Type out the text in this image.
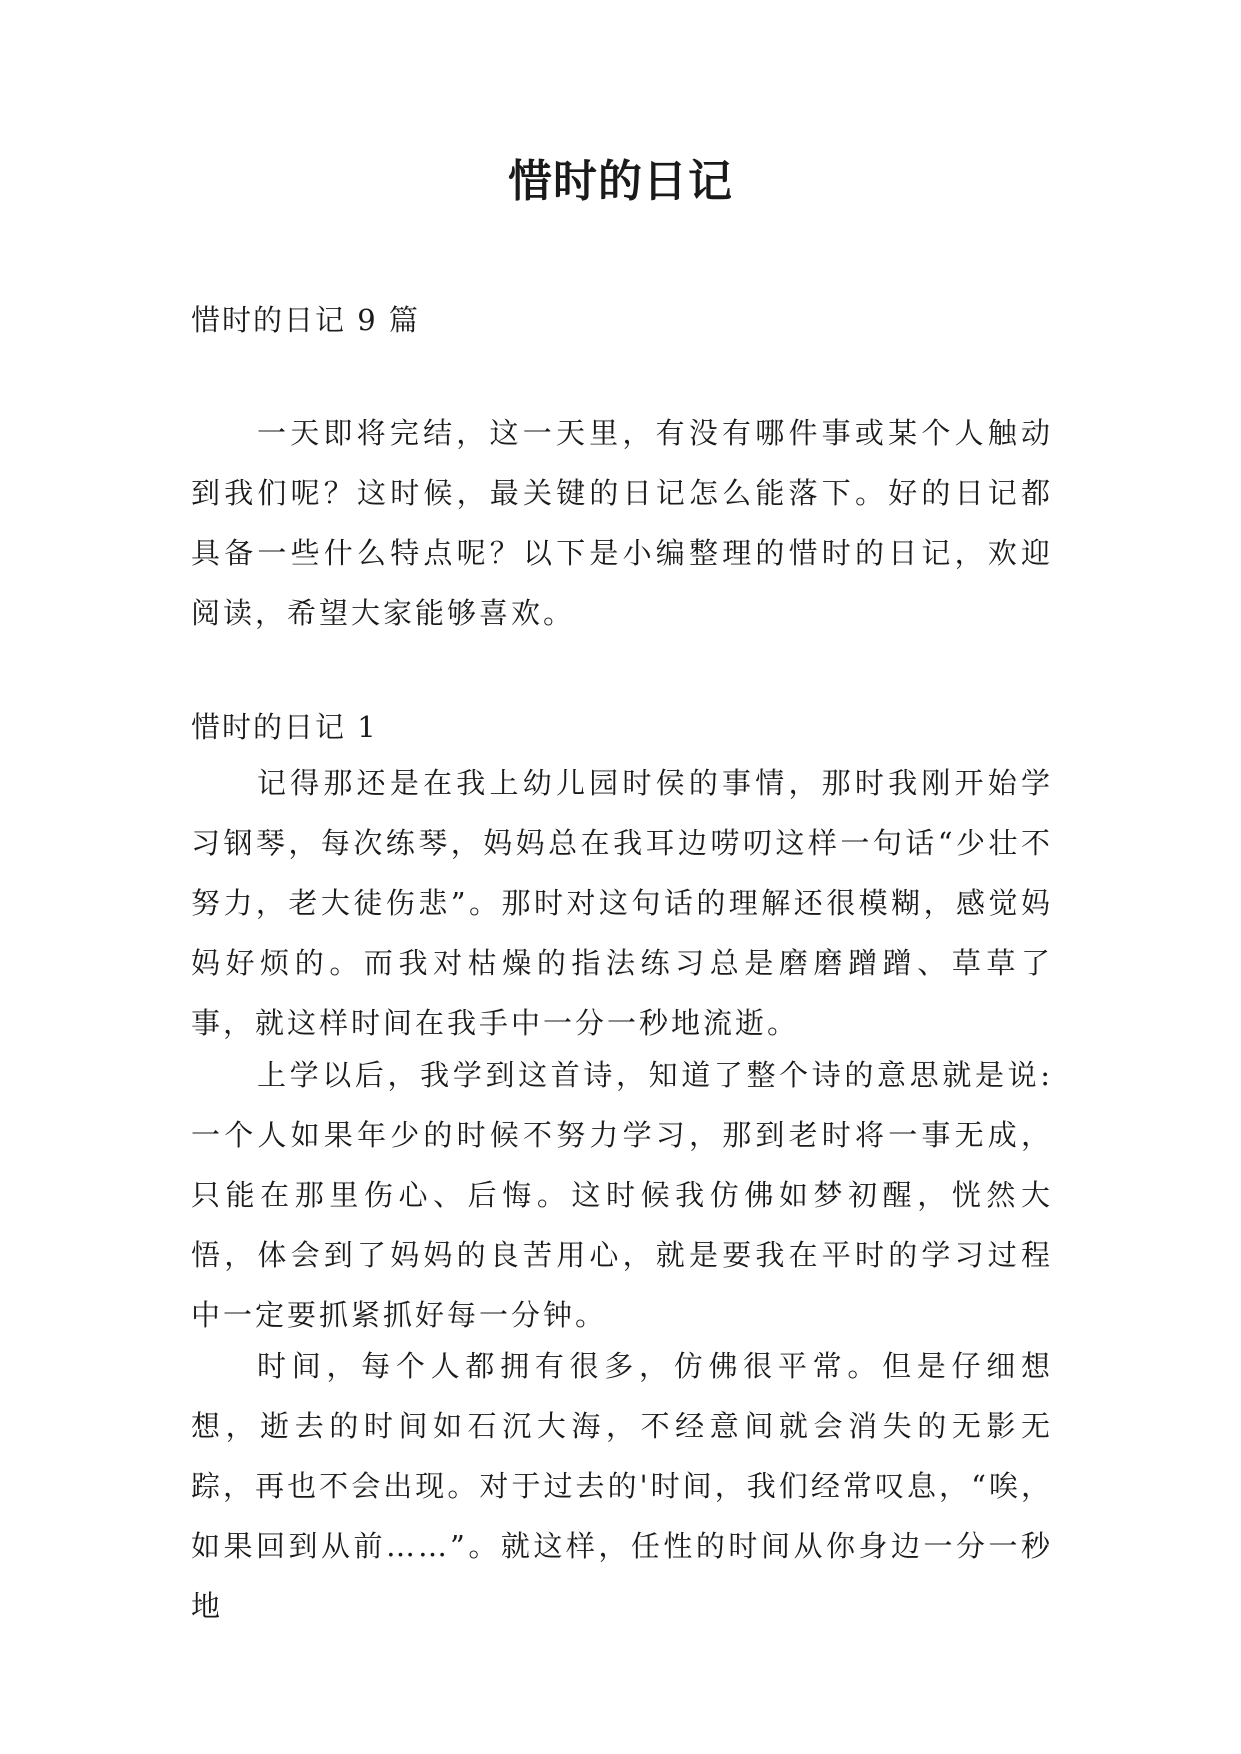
惜时的日记
惜时的日记 9 篇

一天即将完结，这一天里，有没有哪件事或某个人触动到我们呢？这时候，最关键的日记怎么能落下。好的日记都具备一些什么特点呢？以下是小编整理的惜时的日记，欢迎阅读，希望大家能够喜欢。

惜时的日记 1

记得那还是在我上幼儿园时侯的事情，那时我刚开始学习钢琴，每次练琴，妈妈总在我耳边唠叨这样一句话“少壮不努力，老大徒伤悲”。那时对这句话的理解还很模糊，感觉妈妈好烦的。而我对枯燥的指法练习总是磨磨蹭蹭、草草了事，就这样时间在我手中一分一秒地流逝。

上学以后，我学到这首诗，知道了整个诗的意思就是说:一个人如果年少的时候不努力学习，那到老时将一事无成，只能在那里伤心、后悔。这时候我仿佛如梦初醒，恍然大悟，体会到了妈妈的良苦用心，就是要我在平时的学习过程中一定要抓紧抓好每一分钟。

时间，每个人都拥有很多，仿佛很平常。但是仔细想想，逝去的时间如石沉大海，不经意间就会消失的无影无踪，再也不会出现。对于过去的'时间，我们经常叹息，“唉，如果回到从前……”。就这样，任性的时间从你身边一分一秒地
